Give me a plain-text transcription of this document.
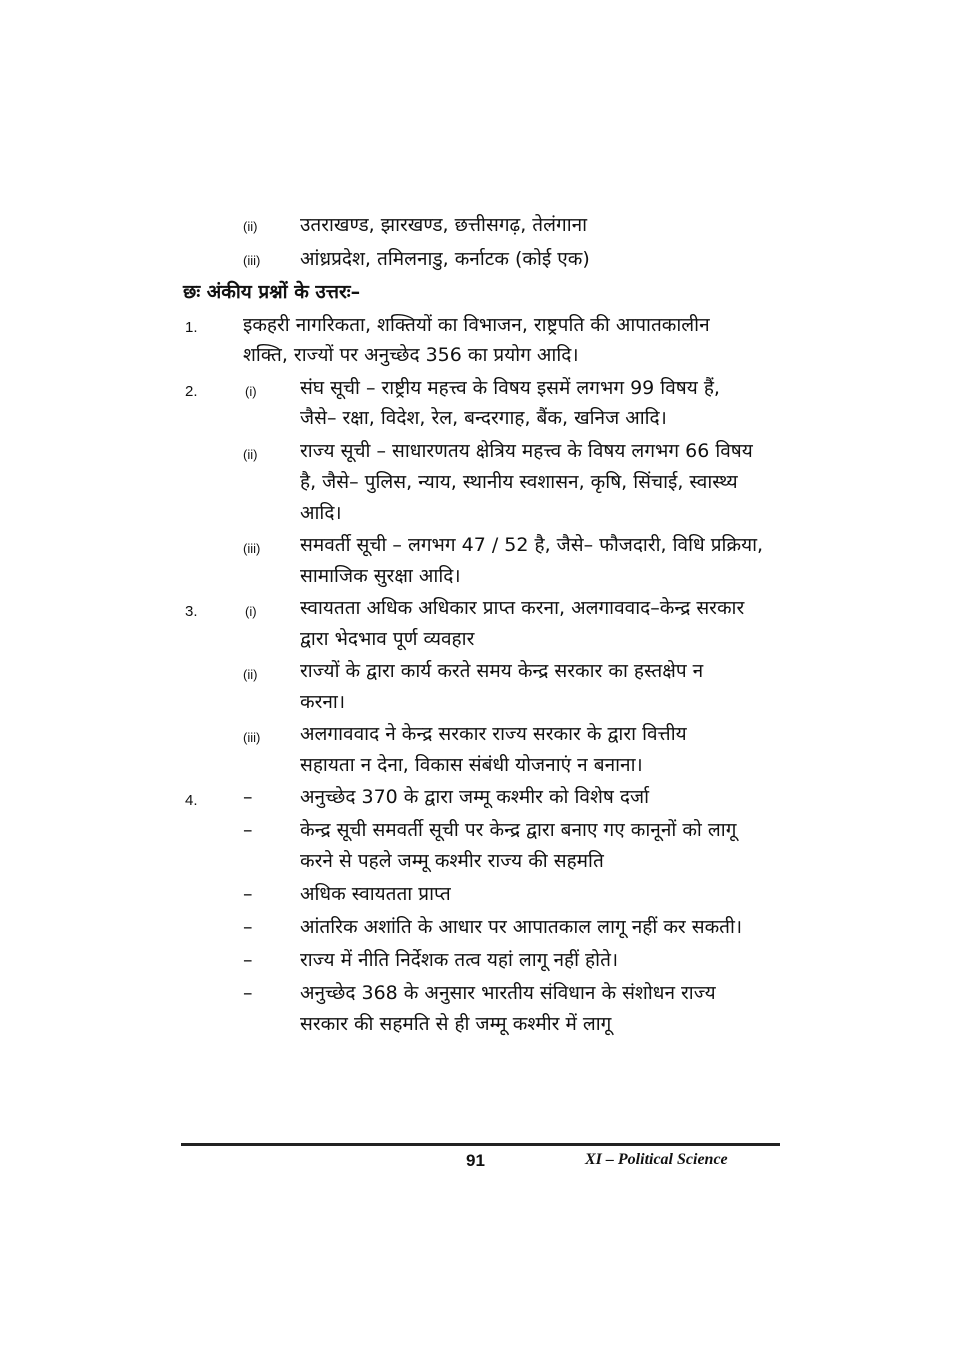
(ii) उतराखण्ड, झारखण्ड, छत्तीसगढ़, तेलंगाना
(iii) आंध्रप्रदेश, तमिलनाडु, कर्नाटक (कोई एक)
छः अंकीय प्रश्नों के उत्तरः–
1. इकहरी नागरिकता, शक्तियों का विभाजन, राष्ट्रपति की आपातकालीन
शक्ति, राज्यों पर अनुच्छेद 356 का प्रयोग आदि।
2.	(i) संघ सूची – राष्ट्रीय महत्त्व के विषय इसमें लगभग 99 विषय हैं,
जैसे– रक्षा, विदेश, रेल, बन्दरगाह, बैंक, खनिज आदि।
(ii) राज्य सूची – साधारणतय क्षेत्रिय महत्त्व के विषय लगभग 66 विषय
है, जैसे– पुलिस, न्याय, स्थानीय स्वशासन, कृषि, सिंचाई, स्वास्थ्य
आदि।
(iii) समवर्ती सूची – लगभग 47 / 52 है, जैसे– फौजदारी, विधि प्रक्रिया,
सामाजिक सुरक्षा आदि।
3.	(i) स्वायतता अधिक अधिकार प्राप्त करना, अलगाववाद–केन्द्र सरकार
द्वारा भेदभाव पूर्ण व्यवहार
(ii) राज्यों के द्वारा कार्य करते समय केन्द्र सरकार का हस्तक्षेप न
करना।
(iii) अलगाववाद ने केन्द्र सरकार राज्य सरकार के द्वारा वित्तीय
सहायता न देना, विकास संबंधी योजनाएं न बनाना।
4. –	अनुच्छेद 370 के द्वारा जम्मू कश्मीर को विशेष दर्जा
–	केन्द्र सूची समवर्ती सूची पर केन्द्र द्वारा बनाए गए कानूनों को लागू
करने से पहले जम्मू कश्मीर राज्य की सहमति
–	अधिक स्वायतता प्राप्त
–	आंतरिक अशांति के आधार पर आपातकाल लागू नहीं कर सकती।
–	राज्य में नीति निर्देशक तत्व यहां लागू नहीं होते।
–	अनुच्छेद 368 के अनुसार भारतीय संविधान के संशोधन राज्य
सरकार की सहमति से ही जम्मू कश्मीर में लागू
91	XI – Political Science
